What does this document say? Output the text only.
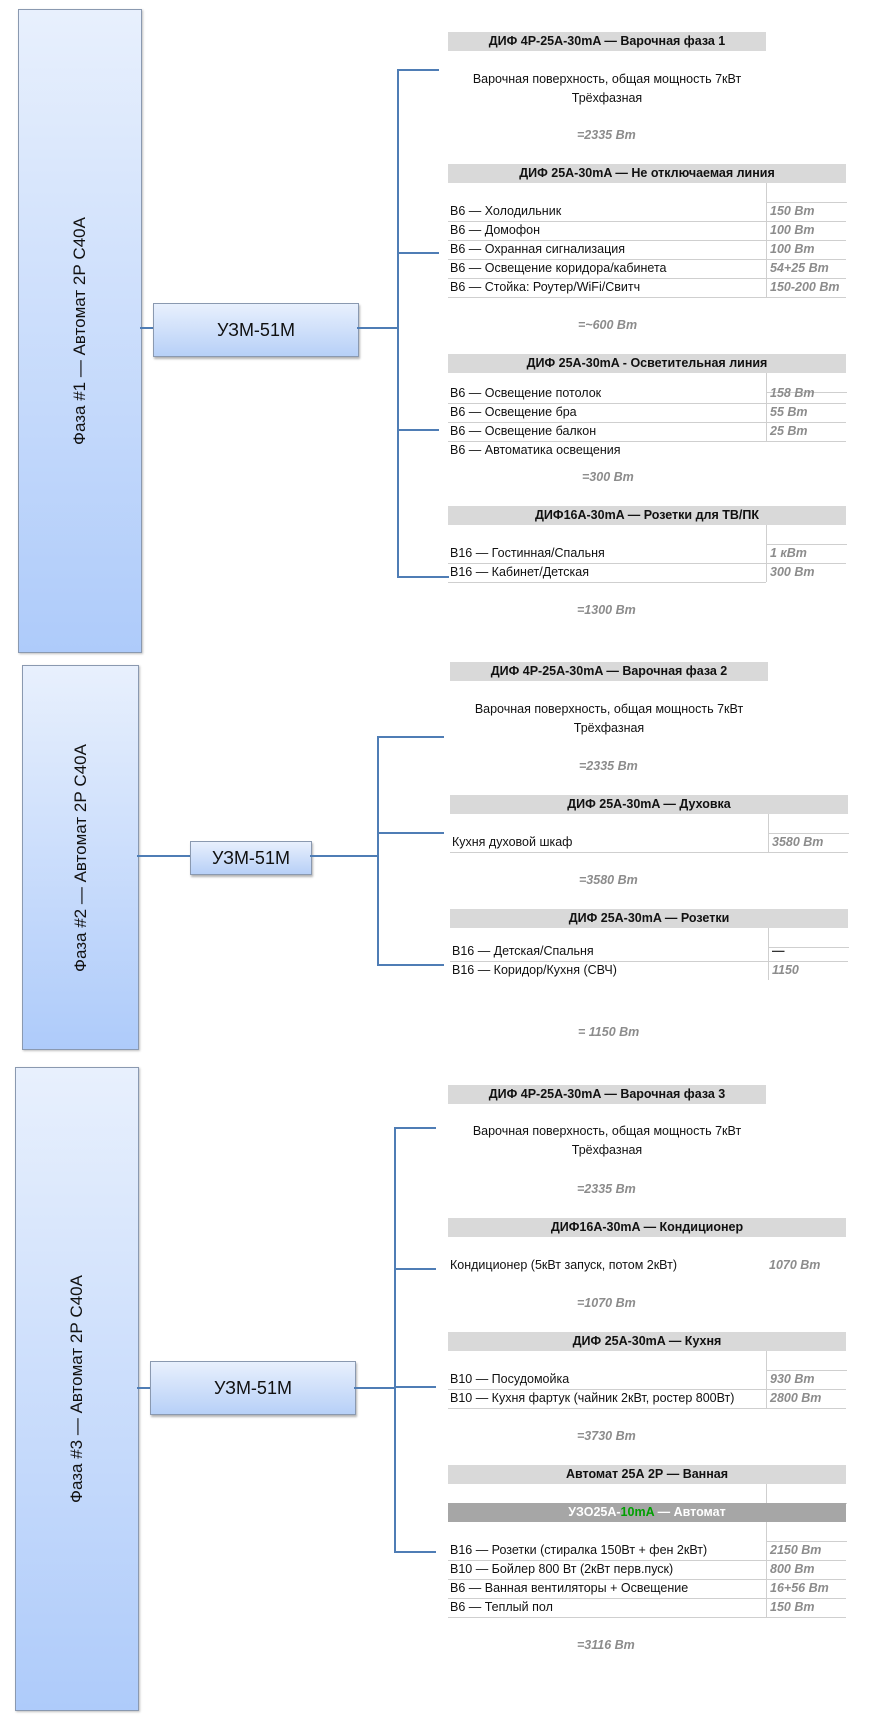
Фаза #1 — Автомат 2Р С40А	УЗМ-51М
ДИФ 4P-25A-30mA — Варочная фаза 1
Варочная поверхность, общая мощность 7кВт
Трёхфазная
=2335 Вт
ДИФ 25A-30mA — Не отключаемая линия
В6 — Холодильник	150 Вт
В6 — Домофон	100 Вт
В6 — Охранная сигнализация	100 Вт
В6 — Освещение коридора/кабинета	54+25 Вт
В6 — Стойка: Роутер/WiFi/Свитч	150-200 Вт
=~600 Вт
ДИФ 25A-30mA - Осветительная линия
В6 — Освещение потолок	158 Вт
В6 — Освещение бра	55 Вт
В6 — Освещение балкон	25 Вт
В6 — Автоматика освещения
=300 Вт
ДИФ16A-30mA — Розетки для ТВ/ПК
В16 — Гостинная/Спальня	1 кВт
В16 — Кабинет/Детская	300 Вт
=1300 Вт
Фаза #2 — Автомат 2Р С40А	УЗМ-51М
ДИФ 4P-25A-30mA — Варочная фаза 2
Варочная поверхность, общая мощность 7кВт
Трёхфазная
=2335 Вт
ДИФ 25A-30mA — Духовка
Кухня духовой шкаф	3580 Вт
=3580 Вт
ДИФ 25A-30mA — Розетки
В16 — Детская/Спальня	—
В16 — Коридор/Кухня (СВЧ)	1150
= 1150 Вт
Фаза #3 — Автомат 2Р С40А	УЗМ-51М
ДИФ 4P-25A-30mA — Варочная фаза 3
Варочная поверхность, общая мощность 7кВт
Трёхфазная
=2335 Вт
ДИФ16A-30mA — Кондиционер
Кондиционер (5кВт запуск, потом 2кВт)	1070 Вт
=1070 Вт
ДИФ 25A-30mA — Кухня
В10 — Посудомойка	930 Вт
В10 — Кухня фартук (чайник 2кВт, ростер 800Вт)	2800 Вт
=3730 Вт
Автомат 25А 2Р — Ванная
УЗО25А-10mA — Автомат
В16 — Розетки (стиралка 150Вт + фен 2кВт)	2150 Вт
В10 — Бойлер 800 Вт (2кВт перв.пуск)	800 Вт
В6 — Ванная вентиляторы + Освещение	16+56 Вт
В6 — Теплый пол	150 Вт
=3116 Вт
